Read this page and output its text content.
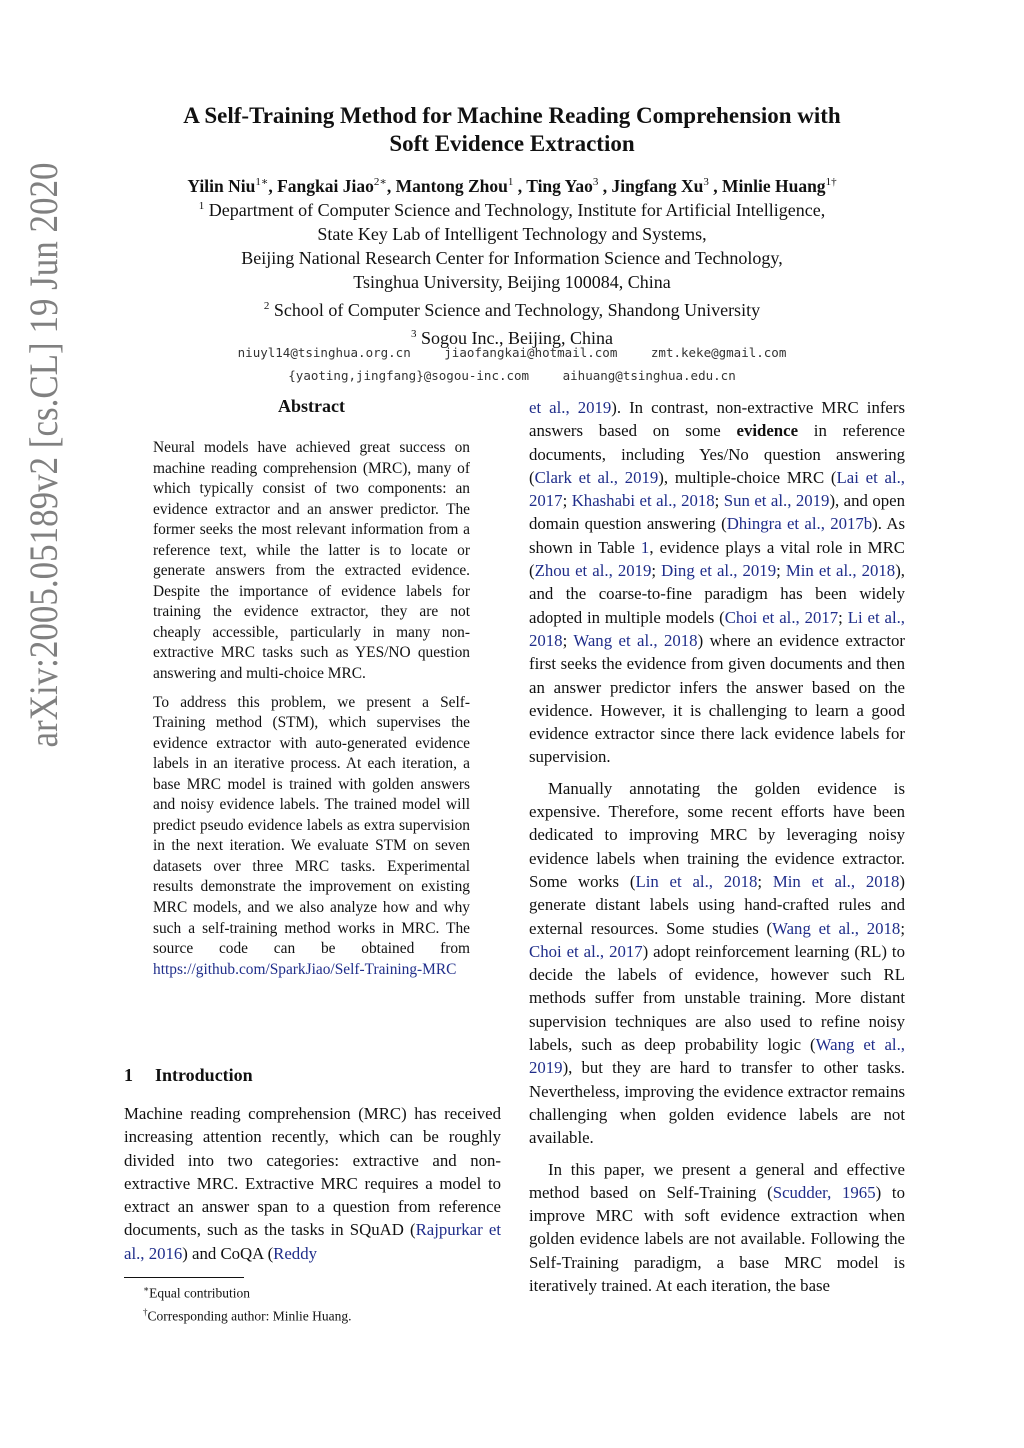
arXiv:2005.05189v2 [cs.CL] 19 Jun 2020	A Self-Training Method for Machine Reading Comprehension with
Soft Evidence Extraction
Yilin Niu$^{1∗}$, Fangkai Jiao$^{2∗}$, Mantong Zhou$^1$ , Ting Yao$^3$ , Jingfang Xu$^3$ , Minlie Huang$^{1\dagger}$
$^1$ Department of Computer Science and Technology, Institute for Artificial Intelligence,
State Key Lab of Intelligent Technology and Systems,
Beijing National Research Center for Information Science and Technology,
Tsinghua University, Beijing 100084, China
$^2$ School of Computer Science and Technology, Shandong University
$^3$ Sogou Inc., Beijing, China
niuyl14@tsinghua.org.cn	jiaofangkai@hotmail.com	zmt.keke@gmail.com
{yaoting,jingfang}@sogou-inc.com	aihuang@tsinghua.edu.cn
Abstract

Neural models have achieved great success on machine reading comprehension (MRC), many of which typically consist of two components: an evidence extractor and an answer predictor. The former seeks the most relevant information from a reference text, while the latter is to locate or generate answers from the extracted evidence. Despite the importance of evidence labels for training the evidence extractor, they are not cheaply accessible, particularly in many non-extractive MRC tasks such as YES/NO question answering and multi-choice MRC.

To address this problem, we present a Self-Training method (STM), which supervises the evidence extractor with auto-generated evidence labels in an iterative process. At each iteration, a base MRC model is trained with golden answers and noisy evidence labels. The trained model will predict pseudo evidence labels as extra supervision in the next iteration. We evaluate STM on seven datasets over three MRC tasks. Experimental results demonstrate the improvement on existing MRC models, and we also analyze how and why such a self-training method works in MRC. The source code can be obtained from https://github.com/SparkJiao/Self-Training-MRC

1 Introduction

Machine reading comprehension (MRC) has received increasing attention recently, which can be roughly divided into two categories: extractive and non-extractive MRC. Extractive MRC requires a model to extract an answer span to a question from reference documents, such as the tasks in SQuAD (Rajpurkar et al., 2016) and CoQA (Reddy

∗Equal contribution
†Corresponding author: Minlie Huang.

et al., 2019). In contrast, non-extractive MRC infers answers based on some evidence in reference documents, including Yes/No question answering (Clark et al., 2019), multiple-choice MRC (Lai et al., 2017; Khashabi et al., 2018; Sun et al., 2019), and open domain question answering (Dhingra et al., 2017b). As shown in Table 1, evidence plays a vital role in MRC (Zhou et al., 2019; Ding et al., 2019; Min et al., 2018), and the coarse-to-fine paradigm has been widely adopted in multiple models (Choi et al., 2017; Li et al., 2018; Wang et al., 2018) where an evidence extractor first seeks the evidence from given documents and then an answer predictor infers the answer based on the evidence. However, it is challenging to learn a good evidence extractor since there lack evidence labels for supervision.

Manually annotating the golden evidence is expensive. Therefore, some recent efforts have been dedicated to improving MRC by leveraging noisy evidence labels when training the evidence extractor. Some works (Lin et al., 2018; Min et al., 2018) generate distant labels using hand-crafted rules and external resources. Some studies (Wang et al., 2018; Choi et al., 2017) adopt reinforcement learning (RL) to decide the labels of evidence, however such RL methods suffer from unstable training. More distant supervision techniques are also used to refine noisy labels, such as deep probability logic (Wang et al., 2019), but they are hard to transfer to other tasks. Nevertheless, improving the evidence extractor remains challenging when golden evidence labels are not available.

In this paper, we present a general and effective method based on Self-Training (Scudder, 1965) to improve MRC with soft evidence extraction when golden evidence labels are not available. Following the Self-Training paradigm, a base MRC model is iteratively trained. At each iteration, the base
